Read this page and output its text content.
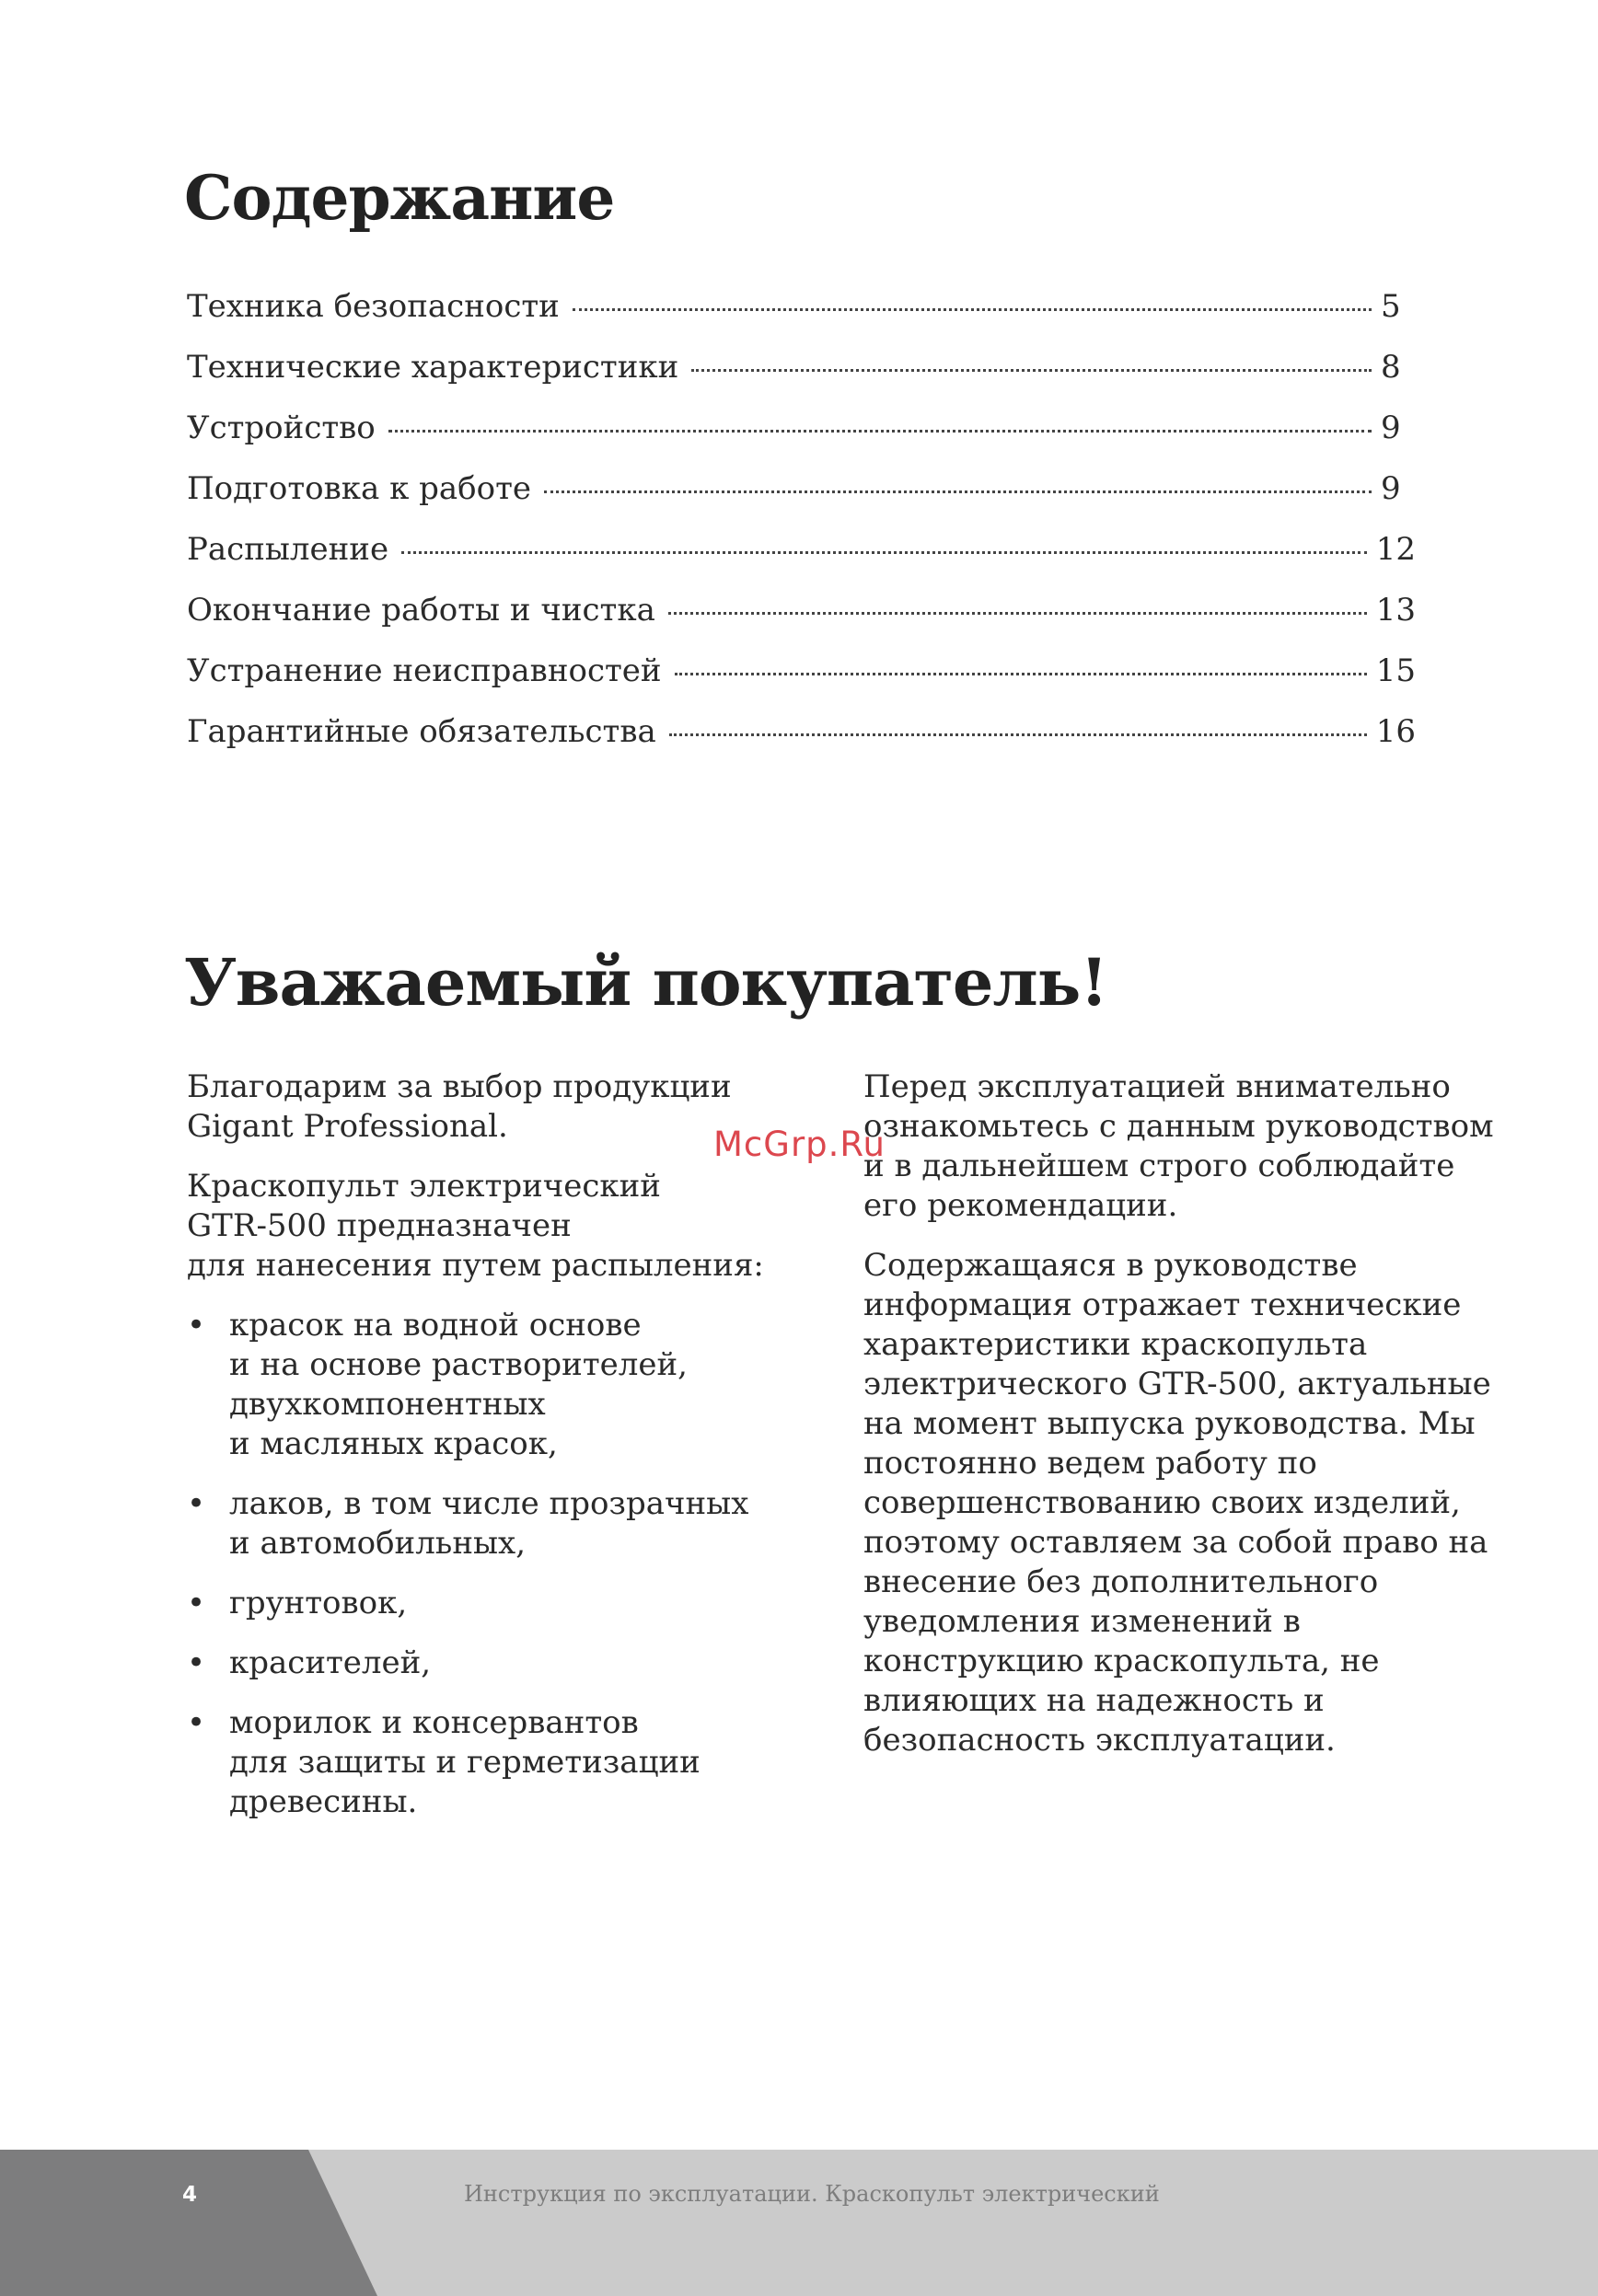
Содержание
Техника безопасности	5
Технические характеристики	8
Устройство	9
Подготовка к работе	9
Распыление	12
Окончание работы и чистка	13
Устранение неисправностей	15
Гарантийные обязательства	16
Уважаемый покупатель!

Благодарим за выбор продукции
Gigant Professional.

Краскопульт электрический
GTR-500 предназначен
для нанесения путем распыления:

• красок на водной основе
и на основе растворителей,
двухкомпонентных
и масляных красок,
• лаков, в том числе прозрачных
и автомобильных,
• грунтовок,
• красителей,
• морилок и консервантов
для защиты и герметизации
древесины.

Перед эксплуатацией внимательно ознакомьтесь с данным руководством и в дальнейшем строго соблюдайте его рекомендации.

Содержащаяся в руководстве информация отражает технические характеристики краскопульта электрического GTR-500, актуальные на момент выпуска руководства. Мы постоянно ведем работу по совершенствованию своих изделий, поэтому оставляем за собой право на внесение без дополнительного уведомления изменений в конструкцию краскопульта, не влияющих на надежность и безопасность эксплуатации.

McGrp.Ru
4	Инструкция по эксплуатации. Краскопульт электрический
